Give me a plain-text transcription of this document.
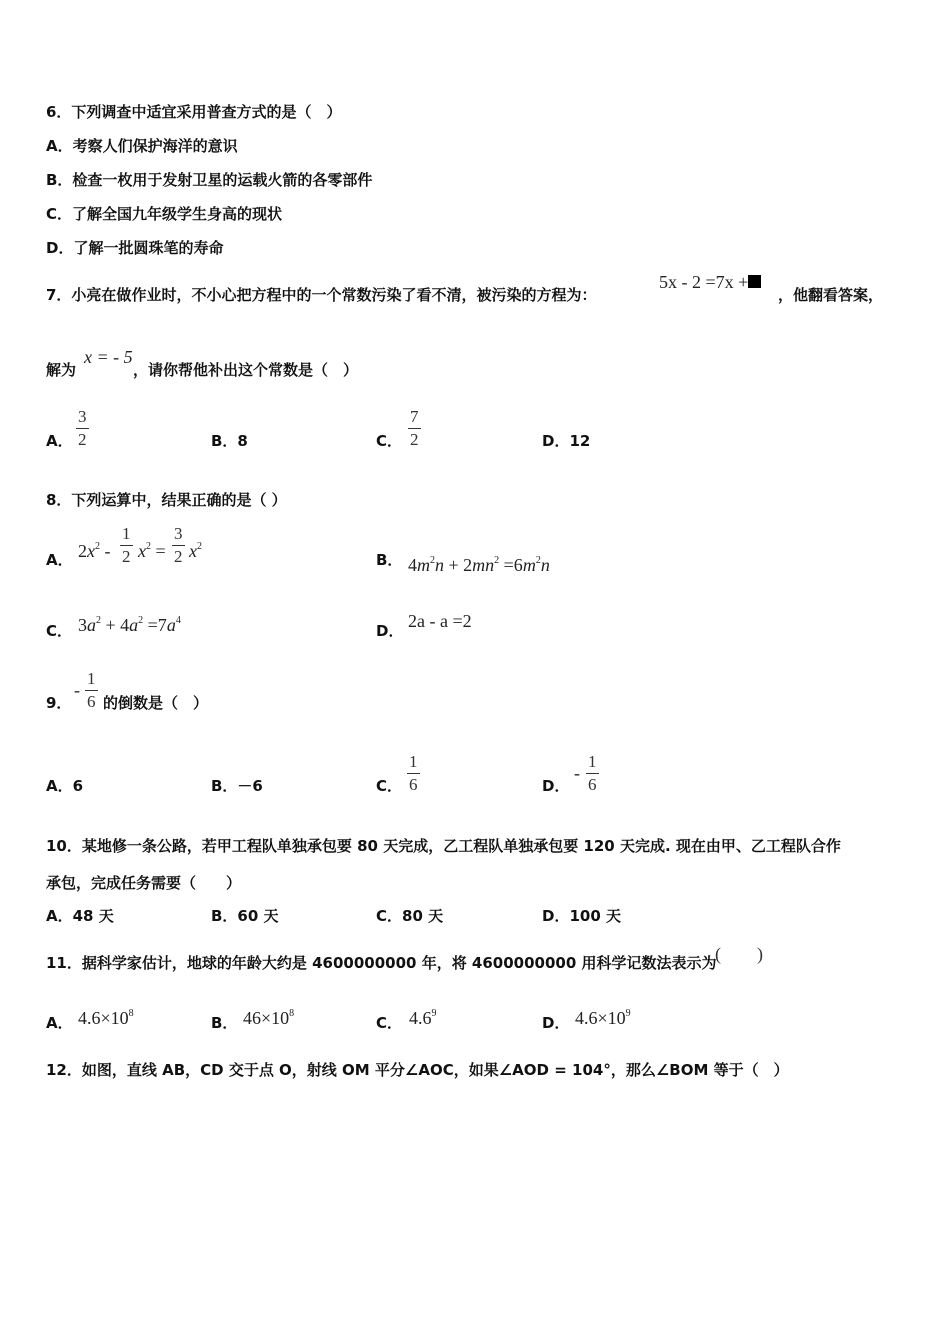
6．下列调查中适宜采用普查方式的是（　）
A．考察人们保护海洋的意识
B．检查一枚用于发射卫星的运载火箭的各零部件
C．了解全国九年级学生身高的现状
D．了解一批圆珠笔的寿命
7．小亮在做作业时，不小心把方程中的一个常数污染了看不清，被污染的方程为：
5x - 2 =7x +
，他翻看答案，
解为
x = - 5
，请你帮他补出这个常数是（　）
A．
3
2	B．8	C．
7
2	D．12
8．下列运算中，结果正确的是（ ）
A． $2x^2$ -
1
2 $x^2$ =
3
2 $x^2$
B． $4m^2n + 2mn^2 =6m^2n$
C． $3a^2 + 4a^2 =7a^4$
D． 2a - a =2
9．
-
1
6 的倒数是（　）
A．6	B．－6	C．
1
6	D．
-
1
6
10．某地修一条公路，若甲工程队单独承包要 80 天完成，乙工程队单独承包要 120 天完成. 现在由甲、乙工程队合作
承包，完成任务需要（　　）
A．48 天	B．60 天	C．80 天	D．100 天
11．据科学家估计，地球的年龄大约是 4600000000 年，将 4600000000 用科学记数法表示为
(　　)
A． $4.6\times 10^8$
B． $46\times 10^8$
C． $4.6^9$
D． $4.6\times 10^9$
12．如图，直线 AB，CD 交于点 O，射线 OM 平分∠AOC，如果∠AOD = 104°，那么∠BOM 等于（　）
